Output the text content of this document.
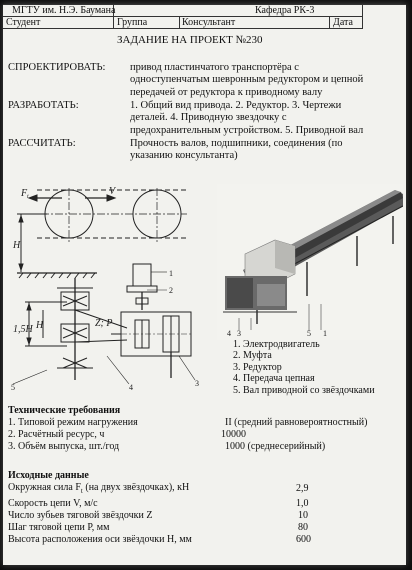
МГТУ им. Н.Э. Баумана	Кафедра РК-3
Студент	Группа	Консультант	Дата
ЗАДАНИЕ НА ПРОЕКТ №230
СПРОЕКТИРОВАТЬ: привод пластинчатого транспортёра с
одноступенчатым шевронным редуктором и цепной
передачей от редуктора к приводному валу
РАЗРАБОТАТЬ:	1. Общий вид привода. 2. Редуктор. 3. Чертежи
деталей. 4. Приводную звездочку с
предохранительным устройством. 5. Приводной вал
РАССЧИТАТЬ:	Прочность валов, подшипники, соединения (по
указанию консультанта)
F t	V
H
1,5H H	Z; P
1
2
3
4
5
4 3	5 1
1. Электродвигатель
2. Муфта
3. Редуктор
4. Передача цепная
5. Вал приводной со звёздочками
Технические требования
1. Типовой режим нагружения	II (средний равновероятностный)
2. Расчётный ресурс, ч	10000
3. Объём выпуска, шт./год	1000 (среднесерийный)
Исходные данные
Окружная сила $F_t$ (на двух звёздочках), кН	2,9
Скорость цепи V, м/с	1,0
Число зубьев тяговой звёздочки Z	10
Шаг тяговой цепи P, мм	80
Высота расположения оси звёздочки H, мм	600
